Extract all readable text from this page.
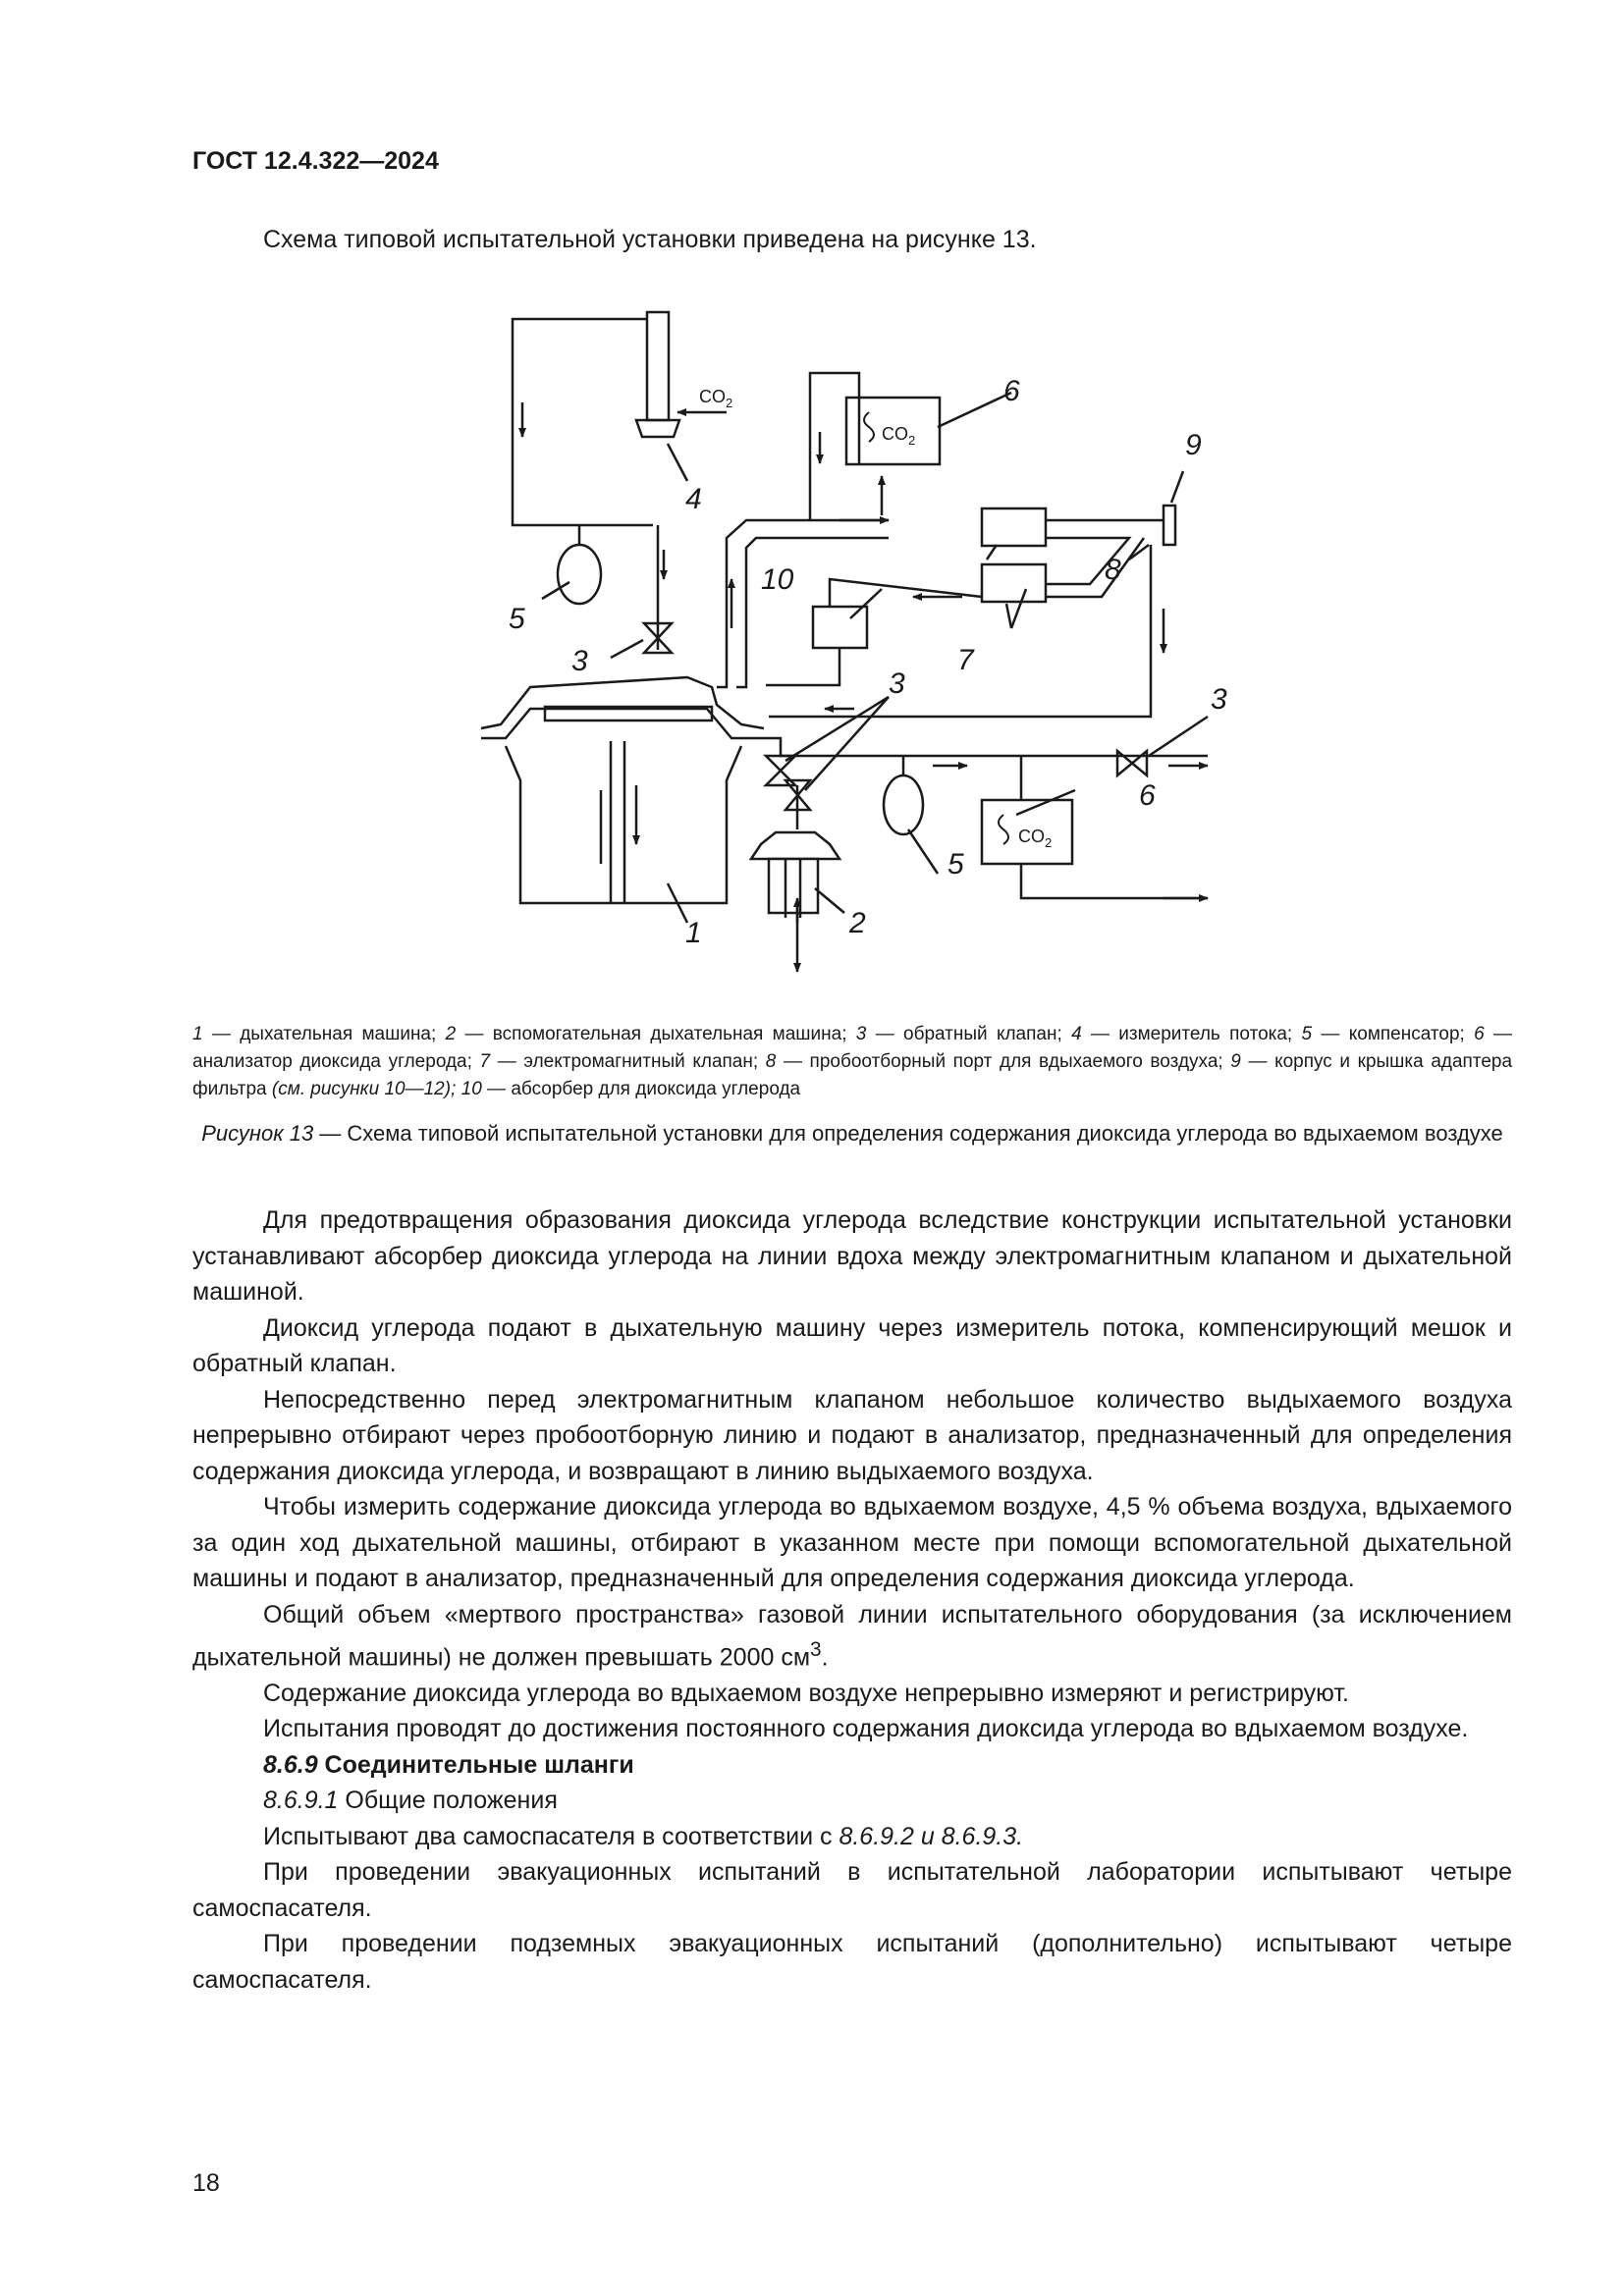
ГОСТ 12.4.322—2024
Схема типовой испытательной установки приведена на рисунке 13.
$CO_2$
$CO_2$
$CO_2$
1	2
3
3	3
4
5
5
6
6
7
8
9
10
1 — дыхательная машина; 2 — вспомогательная дыхательная машина; 3 — обратный клапан; 4 — измеритель потока; 5 — компенсатор; 6 — анализатор диоксида углерода; 7 — электромагнитный клапан; 8 — пробоотборный порт для вдыхаемого воздуха; 9 — корпус и крышка адаптера фильтра (см. рисунки 10—12); 10 — абсорбер для диоксида углерода
Рисунок 13 — Схема типовой испытательной установки для определения содержания диоксида углерода во вдыхаемом воздухе

Для предотвращения образования диоксида углерода вследствие конструкции испытательной установки устанавливают абсорбер диоксида углерода на линии вдоха между электромагнитным клапаном и дыхательной машиной.

Диоксид углерода подают в дыхательную машину через измеритель потока, компенсирующий мешок и обратный клапан.

Непосредственно перед электромагнитным клапаном небольшое количество выдыхаемого воздуха непрерывно отбирают через пробоотборную линию и подают в анализатор, предназначенный для определения содержания диоксида углерода, и возвращают в линию выдыхаемого воздуха.

Чтобы измерить содержание диоксида углерода во вдыхаемом воздухе, 4,5 % объема воздуха, вдыхаемого за один ход дыхательной машины, отбирают в указанном месте при помощи вспомогательной дыхательной машины и подают в анализатор, предназначенный для определения содержания диоксида углерода.

Общий объем «мертвого пространства» газовой линии испытательного оборудования (за исключением дыхательной машины) не должен превышать 2000 $см^3$.

Содержание диоксида углерода во вдыхаемом воздухе непрерывно измеряют и регистрируют.

Испытания проводят до достижения постоянного содержания диоксида углерода во вдыхаемом воздухе.

8.6.9 Соединительные шланги

8.6.9.1 Общие положения

Испытывают два самоспасателя в соответствии с 8.6.9.2 и 8.6.9.3.

При проведении эвакуационных испытаний в испытательной лаборатории испытывают четыре самоспасателя.

При проведении подземных эвакуационных испытаний (дополнительно) испытывают четыре самоспасателя.

18
